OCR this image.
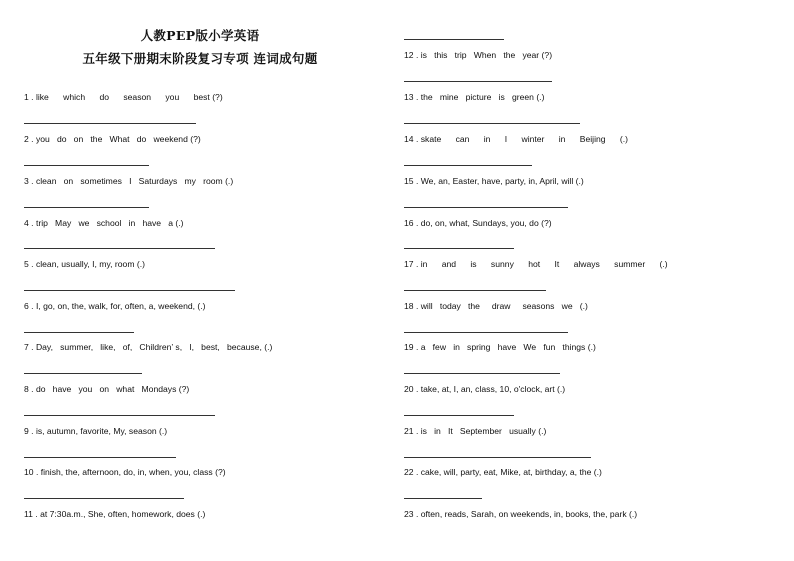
人教PEP版小学英语
五年级下册期末阶段复习专项 连词成句题
1 . like      which      do      season      you      best (?)
2 . you   do   on   the   What   do   weekend (?)
3 . clean   on   sometimes   I   Saturdays   my   room (.)
4 . trip   May   we   school   in   have   a (.)
5 . clean, usually, I, my, room (.)
6 . I, go, on, the, walk, for, often, a, weekend, (.)
7 . Day,   summer,   like,   of,   Children’ s,   I,   best,   because, (.)
8 . do   have   you   on   what   Mondays (?)
9 . is, autumn, favorite, My, season (.)
10 . finish, the, afternoon, do, in, when, you, class (?)
11 . at 7:30a.m., She, often, homework, does (.)
12 . is   this   trip   When   the   year (?)
13 . the   mine   picture   is   green (.)
14 . skate      can      in      I      winter      in      Beijing      (.)
15 . We, an, Easter, have, party, in, April, will (.)
16 . do, on, what, Sundays, you, do (?)
17 . in      and      is      sunny      hot      It      always      summer      (.)
18 . will   today   the     draw     seasons   we   (.)
19 . a   few   in   spring   have   We   fun   things (.)
20 . take, at, I, an, class, 10, o'clock, art (.)
21 . is   in   It   September   usually (.)
22 . cake, will, party, eat, Mike, at, birthday, a, the (.)
23 . often, reads, Sarah, on weekends, in, books, the, park (.)
